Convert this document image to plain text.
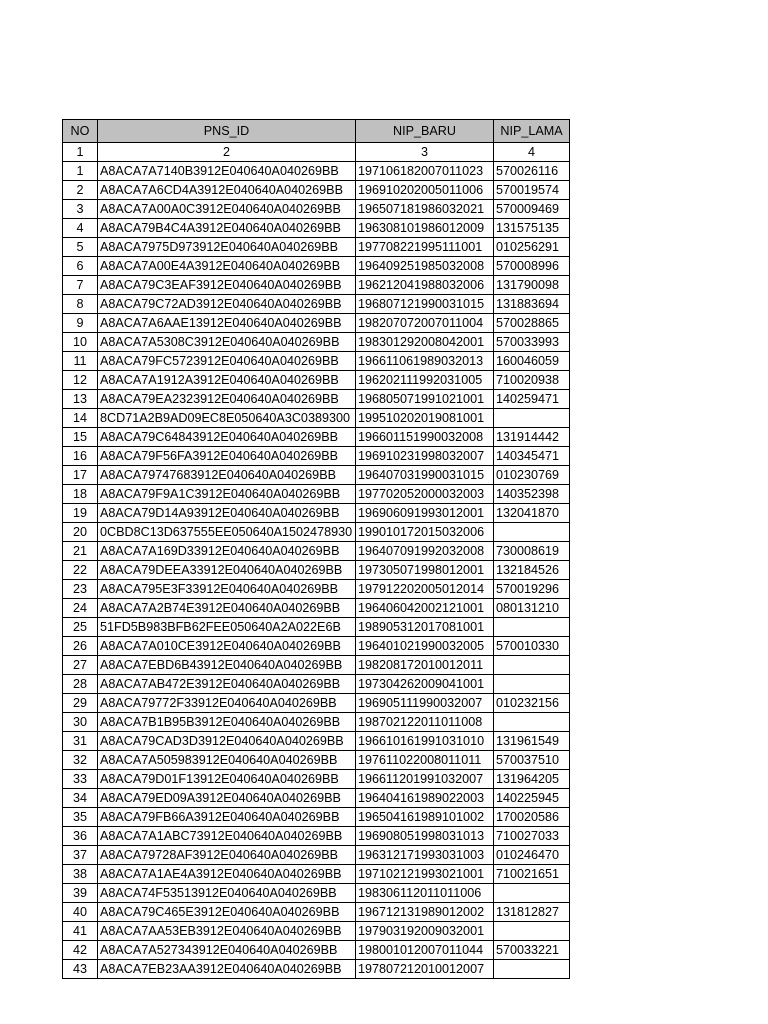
NO	PNS_ID	NIP_BARU	NIP_LAMA
1	2	3	4
1	A8ACA7A7140B3912E040640A040269BB	197106182007011023	570026116
2	A8ACA7A6CD4A3912E040640A040269BB	196910202005011006	570019574
3	A8ACA7A00A0C3912E040640A040269BB	196507181986032021	570009469
4	A8ACA79B4C4A3912E040640A040269BB	196308101986012009	131575135
5	A8ACA7975D973912E040640A040269BB	197708221995111001	010256291
6	A8ACA7A00E4A3912E040640A040269BB	196409251985032008	570008996
7	A8ACA79C3EAF3912E040640A040269BB	196212041988032006	131790098
8	A8ACA79C72AD3912E040640A040269BB	196807121990031015	131883694
9	A8ACA7A6AAE13912E040640A040269BB	198207072007011004	570028865
10	A8ACA7A5308C3912E040640A040269BB	198301292008042001	570033993
11	A8ACA79FC5723912E040640A040269BB	196611061989032013	160046059
12	A8ACA7A1912A3912E040640A040269BB	196202111992031005	710020938
13	A8ACA79EA2323912E040640A040269BB	196805071991021001	140259471
14	8CD71A2B9AD09EC8E050640A3C0389300	199510202019081001	
15	A8ACA79C64843912E040640A040269BB	196601151990032008	131914442
16	A8ACA79F56FA3912E040640A040269BB	196910231998032007	140345471
17	A8ACA79747683912E040640A040269BB	196407031990031015	010230769
18	A8ACA79F9A1C3912E040640A040269BB	197702052000032003	140352398
19	A8ACA79D14A93912E040640A040269BB	196906091993012001	132041870
20	0CBD8C13D637555EE050640A1502478930	199010172015032006	
21	A8ACA7A169D33912E040640A040269BB	196407091992032008	730008619
22	A8ACA79DEEA33912E040640A040269BB	197305071998012001	132184526
23	A8ACA795E3F33912E040640A040269BB	197912202005012014	570019296
24	A8ACA7A2B74E3912E040640A040269BB	196406042002121001	080131210
25	51FD5B983BFB62FEE050640A2A022E6B	198905312017081001	
26	A8ACA7A010CE3912E040640A040269BB	196401021990032005	570010330
27	A8ACA7EBD6B43912E040640A040269BB	198208172010012011	
28	A8ACA7AB472E3912E040640A040269BB	197304262009041001	
29	A8ACA79772F33912E040640A040269BB	196905111990032007	010232156
30	A8ACA7B1B95B3912E040640A040269BB	198702122011011008	
31	A8ACA79CAD3D3912E040640A040269BB	196610161991031010	131961549
32	A8ACA7A505983912E040640A040269BB	197611022008011011	570037510
33	A8ACA79D01F13912E040640A040269BB	196611201991032007	131964205
34	A8ACA79ED09A3912E040640A040269BB	196404161989022003	140225945
35	A8ACA79FB66A3912E040640A040269BB	196504161989101002	170020586
36	A8ACA7A1ABC73912E040640A040269BB	196908051998031013	710027033
37	A8ACA79728AF3912E040640A040269BB	196312171993031003	010246470
38	A8ACA7A1AE4A3912E040640A040269BB	197102121993021001	710021651
39	A8ACA74F53513912E040640A040269BB	198306112011011006	
40	A8ACA79C465E3912E040640A040269BB	196712131989012002	131812827
41	A8ACA7AA53EB3912E040640A040269BB	197903192009032001	
42	A8ACA7A527343912E040640A040269BB	198001012007011044	570033221
43	A8ACA7EB23AA3912E040640A040269BB	197807212010012007	
